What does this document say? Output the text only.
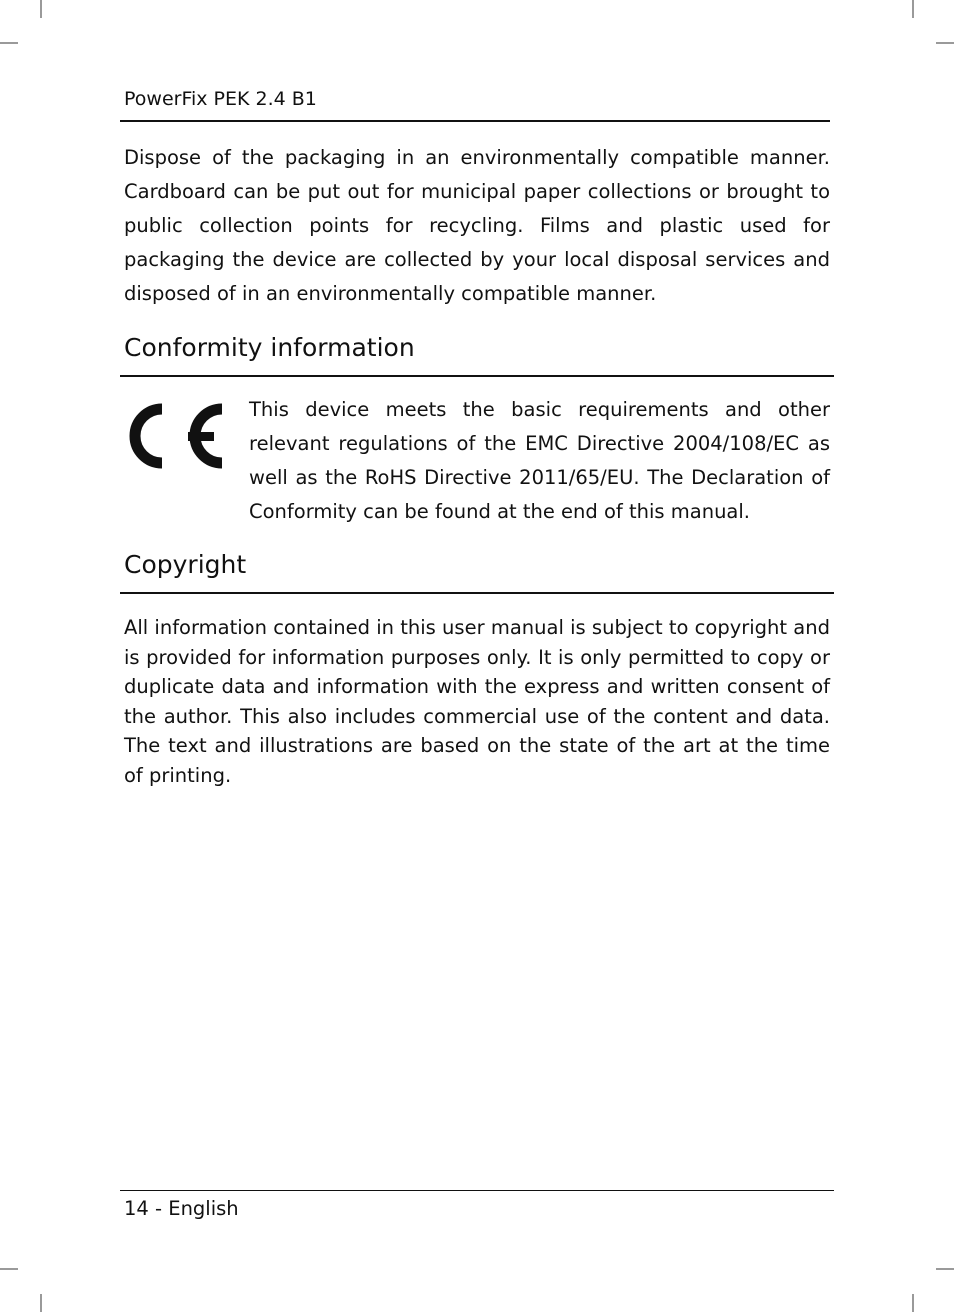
PowerFix PEK 2.4 B1

Dispose of the packaging in an environmentally compatible manner. Cardboard can be put out for municipal paper collections or brought to public collection points for recycling. Films and plastic used for packaging the device are collected by your local disposal services and disposed of in an environmentally compatible manner.

Conformity information

This device meets the basic requirements and other relevant regulations of the EMC Directive 2004/108/EC as well as the RoHS Directive 2011/65/EU. The Declaration of Conformity can be found at the end of this manual.

Copyright

All information contained in this user manual is subject to copyright and is provided for information purposes only. It is only permitted to copy or duplicate data and information with the express and written consent of the author. This also includes commercial use of the content and data. The text and illustrations are based on the state of the art at the time of printing.

14 - English
